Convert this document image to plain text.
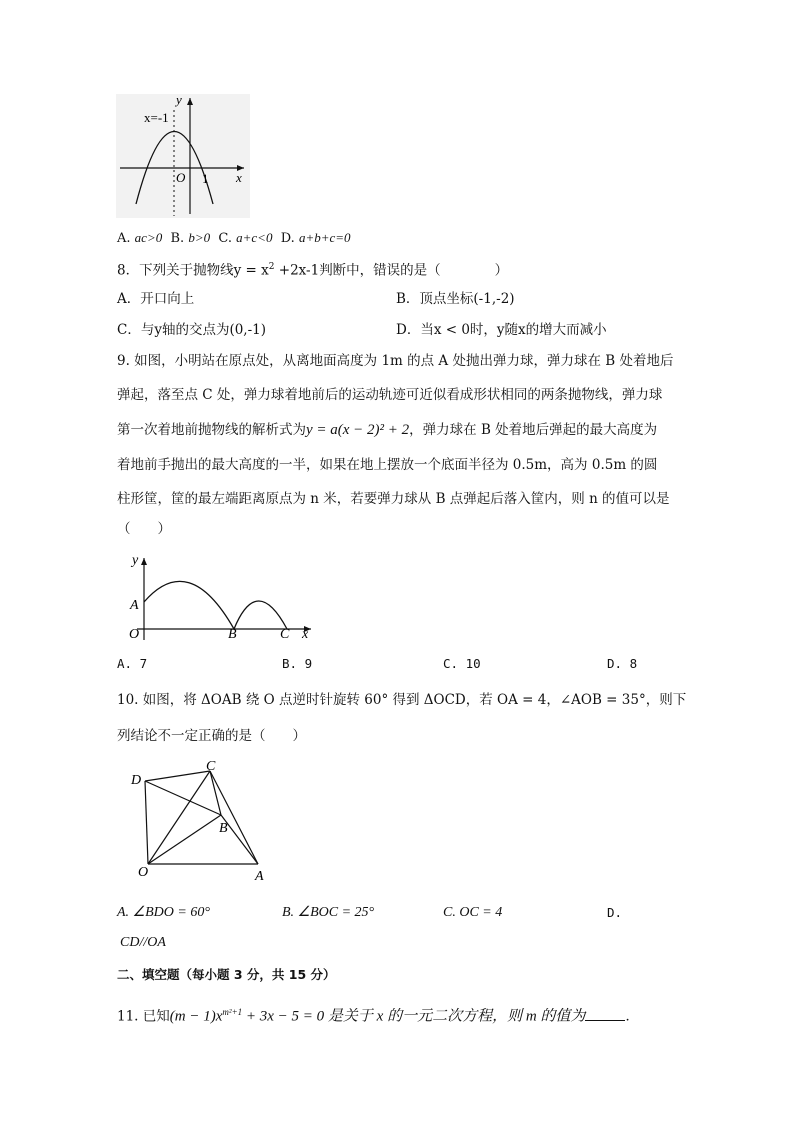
y
x=-1
O 1 x
A. ac>0 B. b>0 C. a+c<0 D. a+b+c=0
8．下列关于抛物线$y = x^2 +2x-1$判断中，错误的是（　　　　）
A．开口向上	B．顶点坐标(-1,-2)
C．与y轴的交点为(0,-1)	D．当x < 0时，y随x的增大而减小
9. 如图，小明站在原点处，从离地面高度为 1m 的点 A 处抛出弹力球，弹力球在 B 处着地后
弹起，落至点 C 处，弹力球着地前后的运动轨迹可近似看成形状相同的两条抛物线，弹力球
第一次着地前抛物线的解析式为y = a(x − 2)² + 2，弹力球在 B 处着地后弹起的最大高度为
着地前手抛出的最大高度的一半，如果在地上摆放一个底面半径为 0.5m，高为 0.5m 的圆
柱形筐，筐的最左端距离原点为 n 米，若要弹力球从 B 点弹起后落入筐内，则 n 的值可以是
（　　）
y
A
O	B	C x
A. 7	B. 9	C. 10	D. 8
10. 如图，将 ΔOAB 绕 O 点逆时针旋转 60° 得到 ΔOCD，若 OA = 4，∠AOB = 35°，则下
列结论不一定正确的是（　　）
D
C
B
O	A
A. ∠BDO = 60°	B. ∠BOC = 25°	C. OC = 4	D.
CD//OA
二、填空题（每小题 3 分，共 15 分）
11. 已知$(m - 1)x^{m^2+1} + 3x - 5 = 0$ 是关于 x 的一元二次方程，则 m 的值为	．
